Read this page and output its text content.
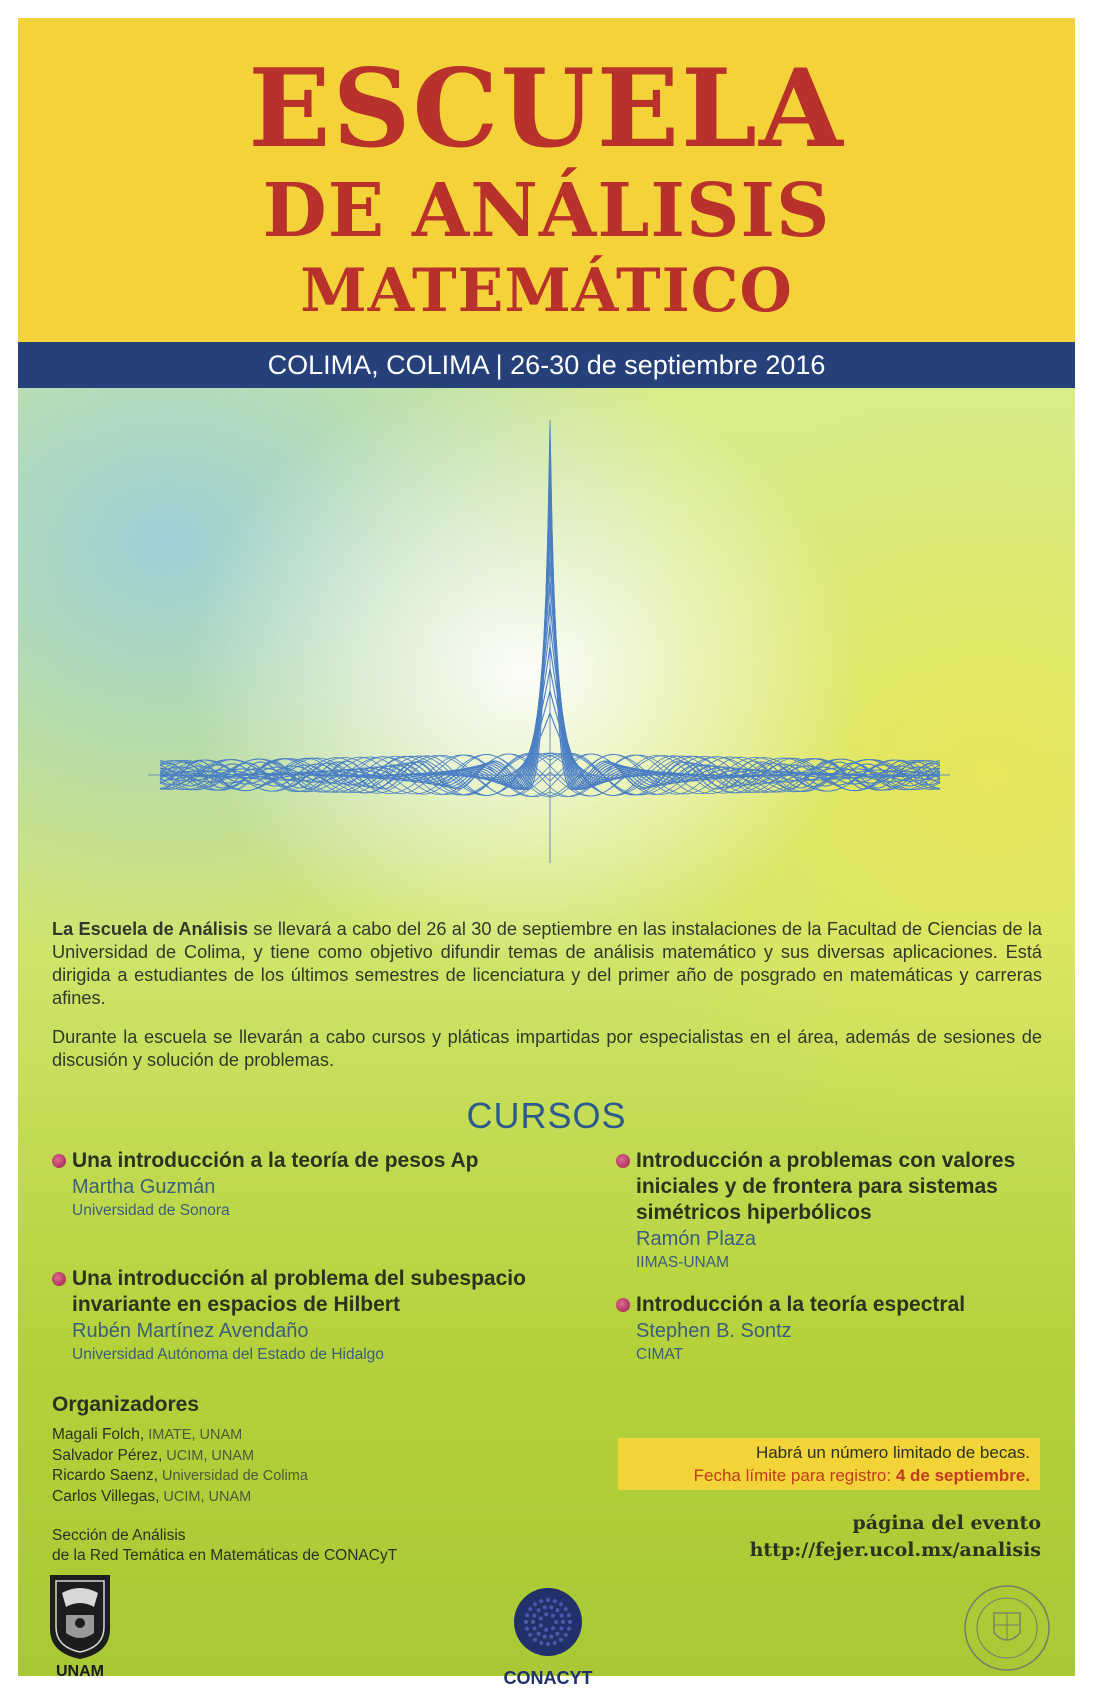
ESCUELA
DE ANÁLISIS
MATEMÁTICO
COLIMA, COLIMA | 26-30 de septiembre 2016

La Escuela de Análisis se llevará a cabo del 26 al 30 de septiembre en las instalaciones de la Facultad de Ciencias de la Universidad de Colima, y tiene como objetivo difundir temas de análisis matemático y sus diversas aplicaciones. Está dirigida a estudiantes de los últimos semestres de licenciatura y del primer año de posgrado en matemáticas y carreras afines.

Durante la escuela se llevarán a cabo cursos y pláticas impartidas por especialistas en el área, además de sesiones de discusión y solución de problemas.

CURSOS
Una introducción a la teoría de pesos Ap
Martha Guzmán
Universidad de Sonora
Una introducción al problema del subespacio invariante en espacios de Hilbert
Rubén Martínez Avendaño
Universidad Autónoma del Estado de Hidalgo
Introducción a problemas con valores iniciales y de frontera para sistemas simétricos hiperbólicos
Ramón Plaza
IIMAS-UNAM
Introducción a la teoría espectral
Stephen B. Sontz
CIMAT
Organizadores
Magali Folch, IMATE, UNAM
Salvador Pérez, UCIM, UNAM
Ricardo Saenz, Universidad de Colima
Carlos Villegas, UCIM, UNAM
Sección de Análisis
de la Red Temática en Matemáticas de CONACyT
Habrá un número limitado de becas.
Fecha límite para registro: 4 de septiembre.
página del evento
http://fejer.ucol.mx/analisis
UNAM	CONACYT
